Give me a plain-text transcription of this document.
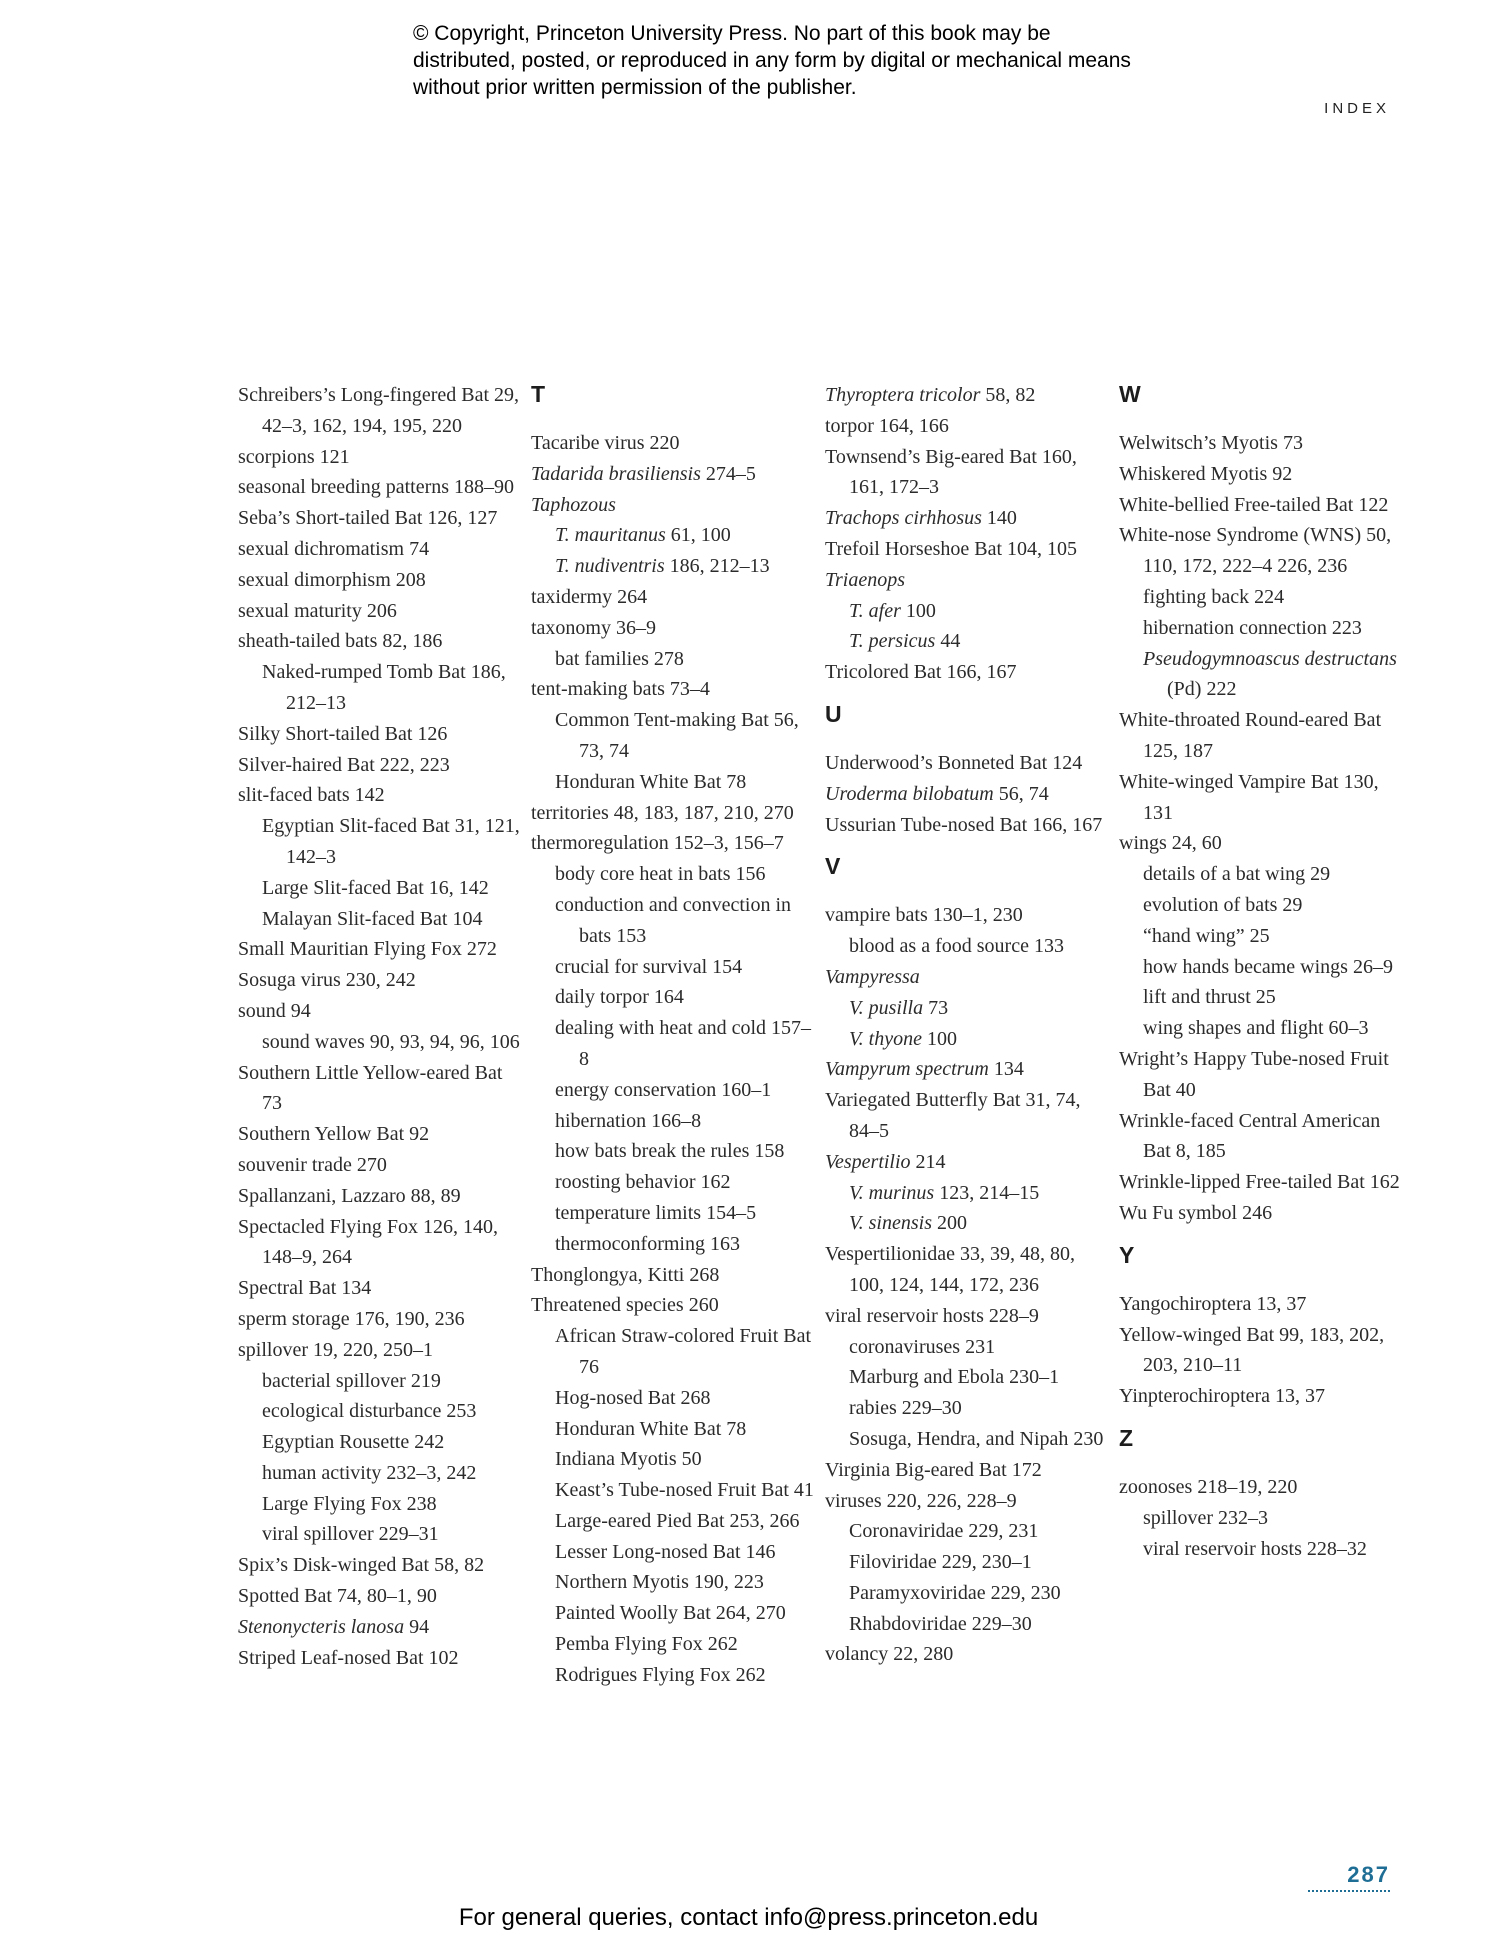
© Copyright, Princeton University Press. No part of this book may be distributed, posted, or reproduced in any form by digital or mechanical means without prior written permission of the publisher.
INDEX
Schreibers’s Long-fingered Bat 29, 42–3, 162, 194, 195, 220
scorpions 121
seasonal breeding patterns 188–90
Seba’s Short-tailed Bat 126, 127
sexual dichromatism 74
sexual dimorphism 208
sexual maturity 206
sheath-tailed bats 82, 186
Naked-rumped Tomb Bat 186, 212–13
Silky Short-tailed Bat 126
Silver-haired Bat 222, 223
slit-faced bats 142
Egyptian Slit-faced Bat 31, 121, 142–3
Large Slit-faced Bat 16, 142
Malayan Slit-faced Bat 104
Small Mauritian Flying Fox 272
Sosuga virus 230, 242
sound 94
sound waves 90, 93, 94, 96, 106
Southern Little Yellow-eared Bat 73
Southern Yellow Bat 92
souvenir trade 270
Spallanzani, Lazzaro 88, 89
Spectacled Flying Fox 126, 140, 148–9, 264
Spectral Bat 134
sperm storage 176, 190, 236
spillover 19, 220, 250–1
bacterial spillover 219
ecological disturbance 253
Egyptian Rousette 242
human activity 232–3, 242
Large Flying Fox 238
viral spillover 229–31
Spix’s Disk-winged Bat 58, 82
Spotted Bat 74, 80–1, 90
Stenonycteris lanosa 94
Striped Leaf-nosed Bat 102
T
Tacaribe virus 220
Tadarida brasiliensis 274–5
Taphozous
T. mauritanus 61, 100
T. nudiventris 186, 212–13
taxidermy 264
taxonomy 36–9
bat families 278
tent-making bats 73–4
Common Tent-making Bat 56, 73, 74
Honduran White Bat 78
territories 48, 183, 187, 210, 270
thermoregulation 152–3, 156–7
body core heat in bats 156
conduction and convection in bats 153
crucial for survival 154
daily torpor 164
dealing with heat and cold 157–8
energy conservation 160–1
hibernation 166–8
how bats break the rules 158
roosting behavior 162
temperature limits 154–5
thermoconforming 163
Thonglongya, Kitti 268
Threatened species 260
African Straw-colored Fruit Bat 76
Hog-nosed Bat 268
Honduran White Bat 78
Indiana Myotis 50
Keast’s Tube-nosed Fruit Bat 41
Large-eared Pied Bat 253, 266
Lesser Long-nosed Bat 146
Northern Myotis 190, 223
Painted Woolly Bat 264, 270
Pemba Flying Fox 262
Rodrigues Flying Fox 262
Thyroptera tricolor 58, 82
torpor 164, 166
Townsend’s Big-eared Bat 160, 161, 172–3
Trachops cirhhosus 140
Trefoil Horseshoe Bat 104, 105
Triaenops
T. afer 100
T. persicus 44
Tricolored Bat 166, 167
U
Underwood’s Bonneted Bat 124
Uroderma bilobatum 56, 74
Ussurian Tube-nosed Bat 166, 167
V
vampire bats 130–1, 230
blood as a food source 133
Vampyressa
V. pusilla 73
V. thyone 100
Vampyrum spectrum 134
Variegated Butterfly Bat 31, 74, 84–5
Vespertilio 214
V. murinus 123, 214–15
V. sinensis 200
Vespertilionidae 33, 39, 48, 80, 100, 124, 144, 172, 236
viral reservoir hosts 228–9
coronaviruses 231
Marburg and Ebola 230–1
rabies 229–30
Sosuga, Hendra, and Nipah 230
Virginia Big-eared Bat 172
viruses 220, 226, 228–9
Coronaviridae 229, 231
Filoviridae 229, 230–1
Paramyxoviridae 229, 230
Rhabdoviridae 229–30
volancy 22, 280
W
Welwitsch’s Myotis 73
Whiskered Myotis 92
White-bellied Free-tailed Bat 122
White-nose Syndrome (WNS) 50, 110, 172, 222–4 226, 236
fighting back 224
hibernation connection 223
Pseudogymnoascus destructans (Pd) 222
White-throated Round-eared Bat 125, 187
White-winged Vampire Bat 130, 131
wings 24, 60
details of a bat wing 29
evolution of bats 29
“hand wing” 25
how hands became wings 26–9
lift and thrust 25
wing shapes and flight 60–3
Wright’s Happy Tube-nosed Fruit Bat 40
Wrinkle-faced Central American Bat 8, 185
Wrinkle-lipped Free-tailed Bat 162
Wu Fu symbol 246
Y
Yangochiroptera 13, 37
Yellow-winged Bat 99, 183, 202, 203, 210–11
Yinpterochiroptera 13, 37
Z
zoonoses 218–19, 220
spillover 232–3
viral reservoir hosts 228–32
287
For general queries, contact info@press.princeton.edu
